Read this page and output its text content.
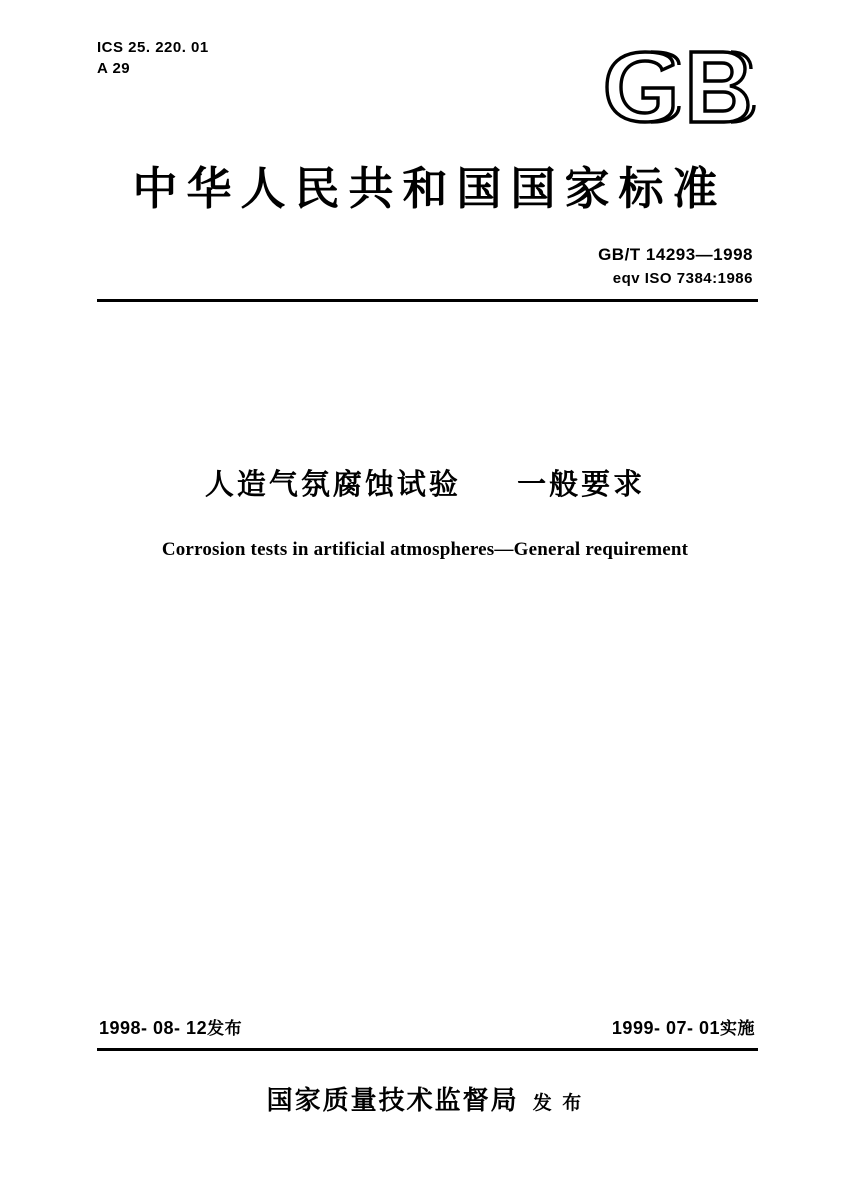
ICS 25. 220. 01
A 29
中华人民共和国国家标准
GB/T 14293—1998
eqv ISO 7384:1986
人造气氛腐蚀试验 一般要求
Corrosion tests in artificial atmospheres—General requirement
1998- 08- 12发布	1999- 07- 01实施
国家质量技术监督局 发 布
